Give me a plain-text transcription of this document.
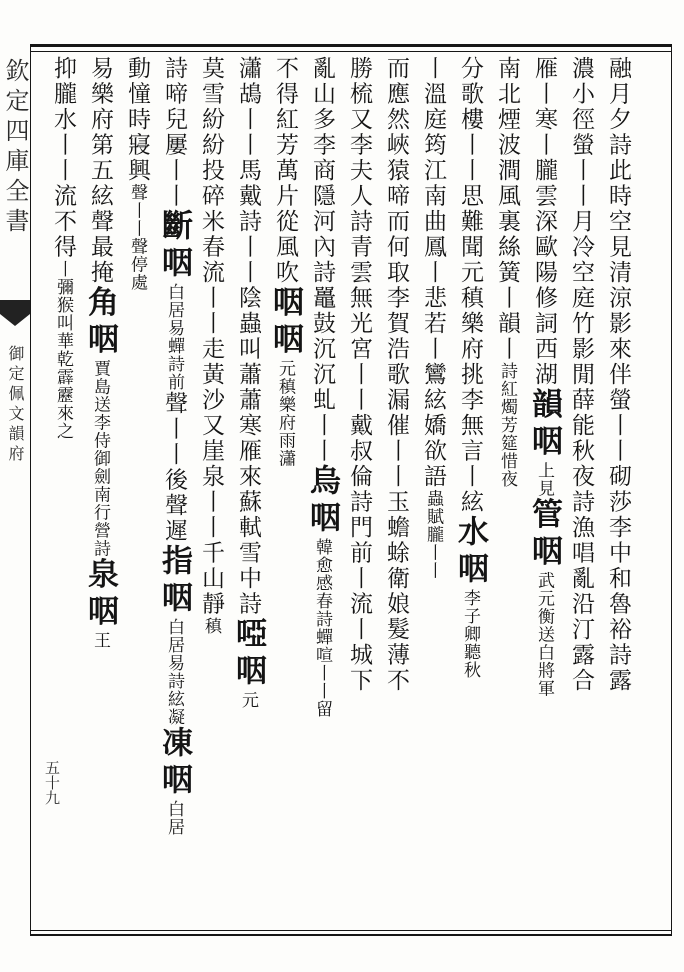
欽定四庫全書
御定佩文韻府
五十九
融月夕詩此時空見清涼影來伴螢丨丨砌莎李中和魯裕詩露
濃小徑螢丨丨月冷空庭竹影閒薛能秋夜詩漁唱亂沿汀露合
雁丨寒丨朧雲深歐陽修詞西湖韻咽上見管咽武元衡送白將軍
南北煙波澗風裏絲簧丨韻丨詩紅燭芳筵惜夜
分歌樓丨丨思難聞元稹樂府挑李無言丨絃水咽李子卿聽秋
丨溫庭筠江南曲鳳丨悲若丨鸞絃嬌欲語蟲賦朧丨丨
而應然峽猿啼而何取李賀浩歌漏催丨丨玉蟾蜍衛娘髮薄不
勝梳又李夫人詩青雲無光宮丨丨戴叔倫詩門前丨流丨城下
亂山多李商隱河內詩鼉鼓沉沉虬丨丨烏咽韓愈感春詩蟬喧丨丨留
不得紅芳萬片從風吹咽咽元稹樂府雨瀟
瀟鴣丨丨馬戴詩丨丨陰蟲叫蕭蕭寒雁來蘇軾雪中詩啞咽元
莫雪紛紛投碎米春流丨丨走黃沙又崖泉丨丨千山靜稹
詩啼兒屢丨丨斷咽白居易蟬詩前聲丨丨後聲遲指咽白居易詩絃凝凍咽白居
動憧時寢興聲丨丨聲停處
易樂府第五絃聲最掩角咽賈島送李侍御劍南行營詩泉咽王
抑朧水丨丨流不得丨彌猴叫華乾霹靂來之
